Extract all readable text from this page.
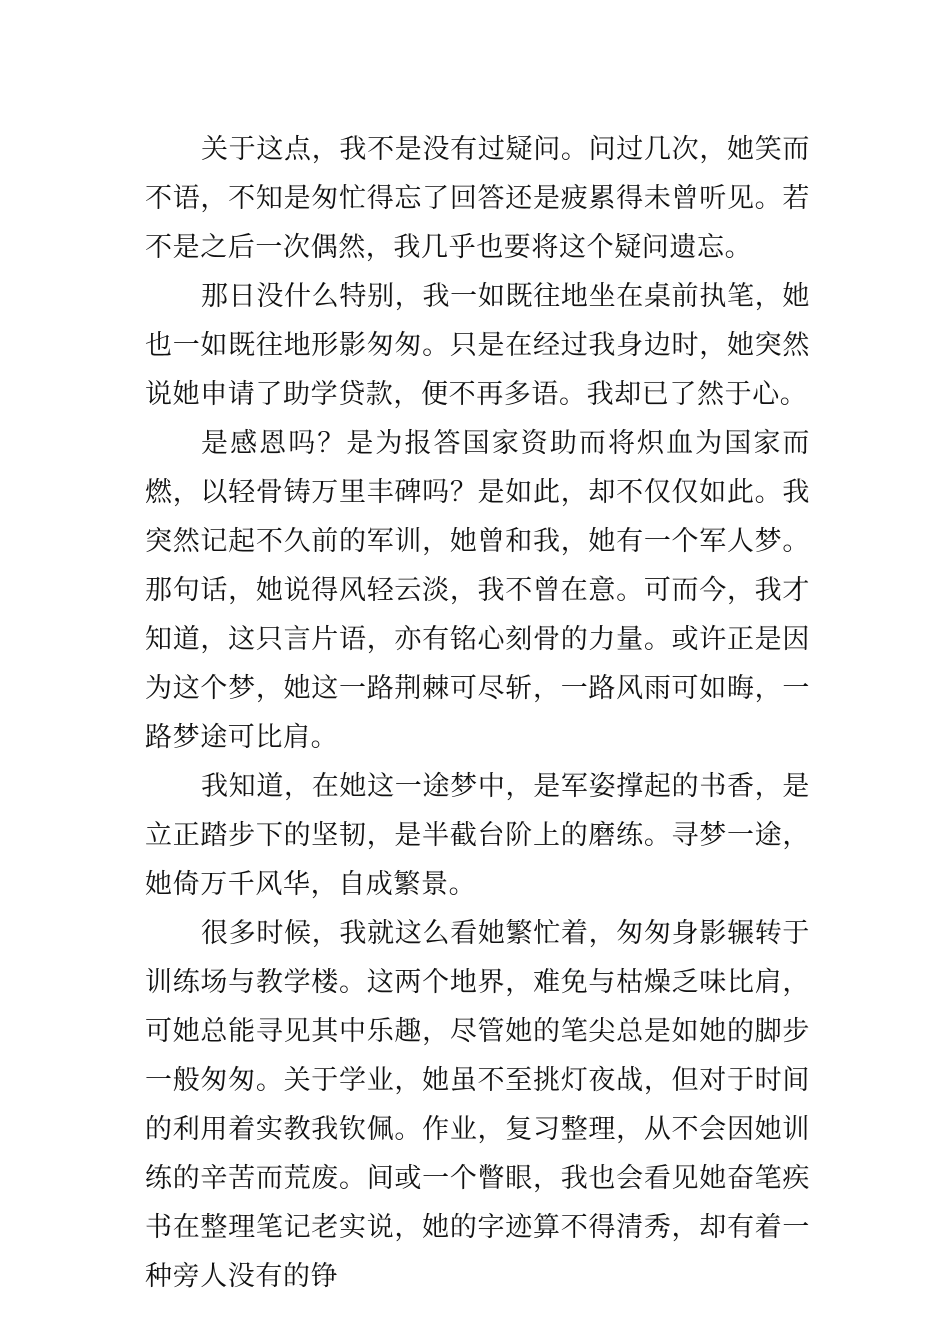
关于这点，我不是没有过疑问。问过几次，她笑而不语，不知是匆忙得忘了回答还是疲累得未曾听见。若不是之后一次偶然，我几乎也要将这个疑问遗忘。

那日没什么特别，我一如既往地坐在桌前执笔，她也一如既往地形影匆匆。只是在经过我身边时，她突然说她申请了助学贷款，便不再多语。我却已了然于心。

是感恩吗？是为报答国家资助而将炽血为国家而燃，以轻骨铸万里丰碑吗？是如此，却不仅仅如此。我突然记起不久前的军训，她曾和我，她有一个军人梦。那句话，她说得风轻云淡，我不曾在意。可而今，我才知道，这只言片语，亦有铭心刻骨的力量。或许正是因为这个梦，她这一路荆棘可尽斩，一路风雨可如晦，一路梦途可比肩。

我知道，在她这一途梦中，是军姿撑起的书香，是立正踏步下的坚韧，是半截台阶上的磨练。寻梦一途，她倚万千风华，自成繁景。

很多时候，我就这么看她繁忙着，匆匆身影辗转于训练场与教学楼。这两个地界，难免与枯燥乏味比肩，可她总能寻见其中乐趣，尽管她的笔尖总是如她的脚步一般匆匆。关于学业，她虽不至挑灯夜战，但对于时间的利用着实教我钦佩。作业，复习整理，从不会因她训练的辛苦而荒废。间或一个瞥眼，我也会看见她奋笔疾书在整理笔记老实说，她的字迹算不得清秀，却有着一种旁人没有的铮
